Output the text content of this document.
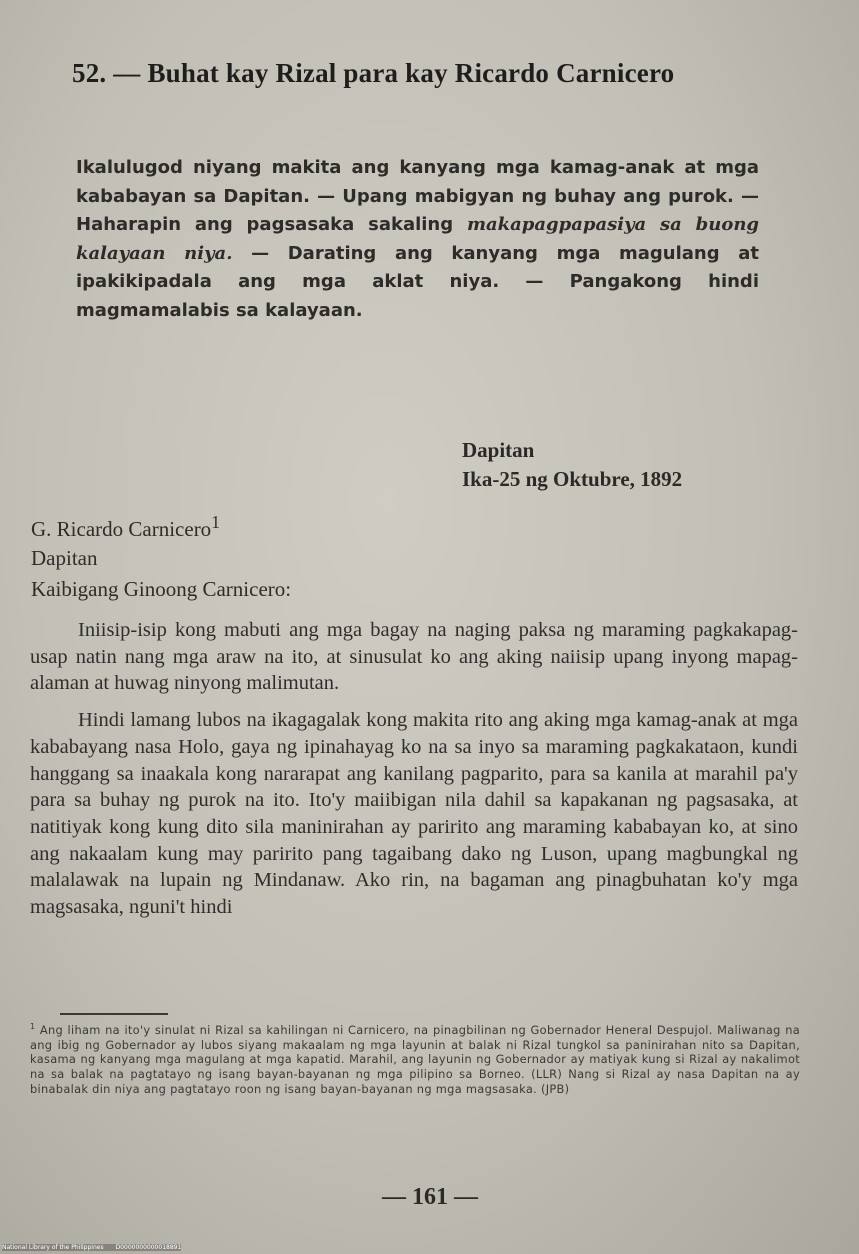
52. — Buhat kay Rizal para kay Ricardo Carnicero
Ikalulugod niyang makita ang kanyang mga kamag-anak at mga kababayan sa Dapitan. — Upang mabigyan ng buhay ang purok. — Haharapin ang pagsasaka sakaling makapagpapasiya sa buong kalayaan niya. — Darating ang kanyang mga magulang at ipakikipadala ang mga aklat niya. — Pangakong hindi magmamalabis sa kalayaan.
Dapitan
Ika-25 ng Oktubre, 1892
G. Ricardo Carnicero$^1$
Dapitan
Kaibigang Ginoong Carnicero:

Iniisip-isip kong mabuti ang mga bagay na naging paksa ng maraming pagkakapag-usap natin nang mga araw na ito, at sinusulat ko ang aking naiisip upang inyong mapag-alaman at huwag ninyong malimutan.

Hindi lamang lubos na ikagagalak kong makita rito ang aking mga kamag-anak at mga kababayang nasa Holo, gaya ng ipinahayag ko na sa inyo sa maraming pagkakataon, kundi hanggang sa inaakala kong nararapat ang kanilang pagparito, para sa kanila at marahil pa'y para sa buhay ng purok na ito. Ito'y maiibigan nila dahil sa kapakanan ng pagsasaka, at natitiyak kong kung dito sila maninirahan ay paririto ang maraming kababayan ko, at sino ang nakaalam kung may paririto pang tagaibang dako ng Luson, upang magbungkal ng malalawak na lupain ng Mindanaw. Ako rin, na bagaman ang pinagbuhatan ko'y mga magsasaka, nguni't hindi

$^1$ Ang liham na ito'y sinulat ni Rizal sa kahilingan ni Carnicero, na pinagbilinan ng Gobernador Heneral Despujol. Maliwanag na ang ibig ng Gobernador ay lubos siyang makaalam ng mga layunin at balak ni Rizal tungkol sa paninirahan nito sa Dapitan, kasama ng kanyang mga magulang at mga kapatid. Marahil, ang layunin ng Gobernador ay matiyak kung si Rizal ay nakalimot na sa balak na pagtatayo ng isang bayan-bayanan ng mga pilipino sa Borneo. (LLR) Nang si Rizal ay nasa Dapitan na ay binabalak din niya ang pagtatayo roon ng isang bayan-bayanan ng mga magsasaka. (JPB)
— 161 —
National Library of the Philippines D0000000000018891
